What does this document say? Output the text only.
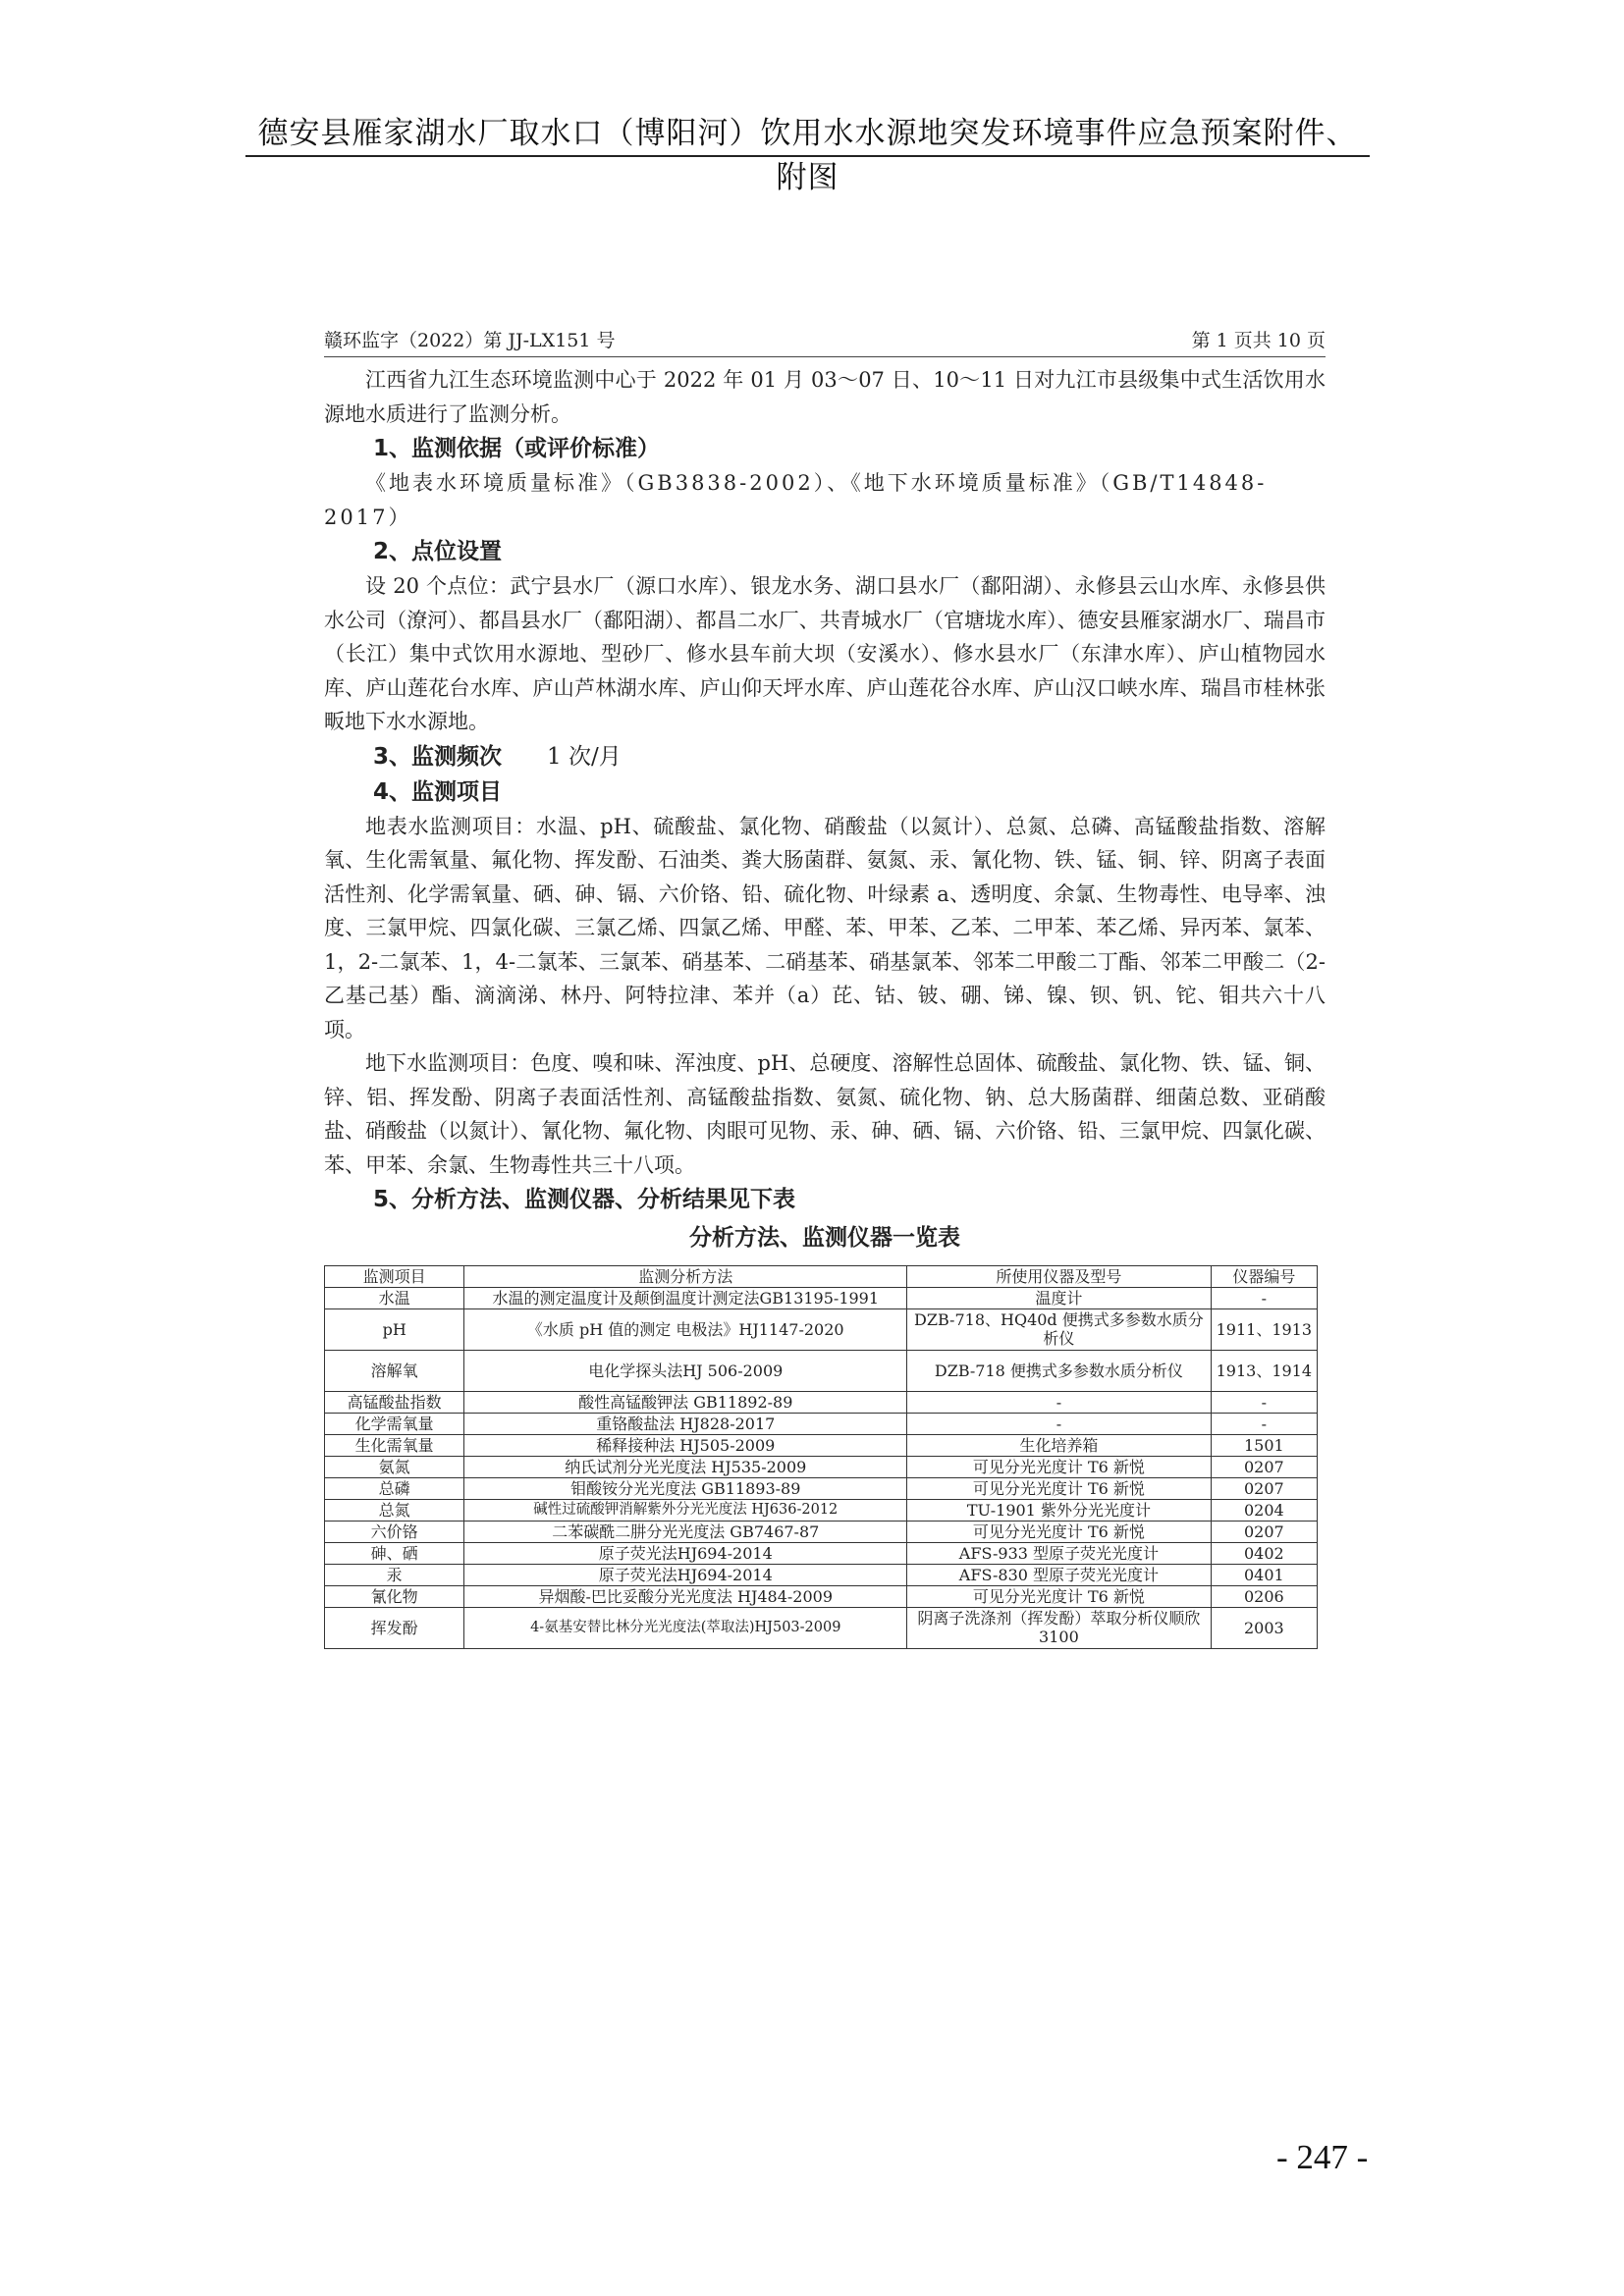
德安县雁家湖水厂取水口（博阳河）饮用水水源地突发环境事件应急预案附件、附图
赣环监字（2022）第 JJ-LX151 号	第 1 页共 10 页

江西省九江生态环境监测中心于 2022 年 01 月 03～07 日、10～11 日对九江市县级集中式生活饮用水源地水质进行了监测分析。

1、监测依据（或评价标准）

《地表水环境质量标准》（GB3838-2002）、《地下水环境质量标准》（GB/T14848-2017）

2、点位设置

设 20 个点位：武宁县水厂（源口水库）、银龙水务、湖口县水厂（鄱阳湖）、永修县云山水库、永修县供水公司（潦河）、都昌县水厂（鄱阳湖）、都昌二水厂、共青城水厂（官塘垅水库）、德安县雁家湖水厂、瑞昌市（长江）集中式饮用水源地、型砂厂、修水县车前大坝（安溪水）、修水县水厂（东津水库）、庐山植物园水库、庐山莲花台水库、庐山芦林湖水库、庐山仰天坪水库、庐山莲花谷水库、庐山汉口峡水库、瑞昌市桂林张畈地下水水源地。

3、监测频次 1 次/月

4、监测项目

地表水监测项目：水温、pH、硫酸盐、氯化物、硝酸盐（以氮计）、总氮、总磷、高锰酸盐指数、溶解氧、生化需氧量、氟化物、挥发酚、石油类、粪大肠菌群、氨氮、汞、氰化物、铁、锰、铜、锌、阴离子表面活性剂、化学需氧量、硒、砷、镉、六价铬、铅、硫化物、叶绿素 a、透明度、余氯、生物毒性、电导率、浊度、三氯甲烷、四氯化碳、三氯乙烯、四氯乙烯、甲醛、苯、甲苯、乙苯、二甲苯、苯乙烯、异丙苯、氯苯、1，2-二氯苯、1，4-二氯苯、三氯苯、硝基苯、二硝基苯、硝基氯苯、邻苯二甲酸二丁酯、邻苯二甲酸二（2-乙基己基）酯、滴滴涕、林丹、阿特拉津、苯并（a）芘、钴、铍、硼、锑、镍、钡、钒、铊、钼共六十八项。

地下水监测项目：色度、嗅和味、浑浊度、pH、总硬度、溶解性总固体、硫酸盐、氯化物、铁、锰、铜、锌、铝、挥发酚、阴离子表面活性剂、高锰酸盐指数、氨氮、硫化物、钠、总大肠菌群、细菌总数、亚硝酸盐、硝酸盐（以氮计）、氰化物、氟化物、肉眼可见物、汞、砷、硒、镉、六价铬、铅、三氯甲烷、四氯化碳、苯、甲苯、余氯、生物毒性共三十八项。

5、分析方法、监测仪器、分析结果见下表

分析方法、监测仪器一览表

监测项目	监测分析方法	所使用仪器及型号	仪器编号
水温	水温的测定温度计及颠倒温度计测定法GB13195-1991	温度计	-
pH	《水质 pH 值的测定 电极法》HJ1147-2020	DZB-718、HQ40d 便携式多参数水质分析仪	1911、1913
溶解氧	电化学探头法HJ 506-2009	DZB-718 便携式多参数水质分析仪	1913、1914
高锰酸盐指数	酸性高锰酸钾法 GB11892-89	-	-
化学需氧量	重铬酸盐法 HJ828-2017	-	-
生化需氧量	稀释接种法 HJ505-2009	生化培养箱	1501
氨氮	纳氏试剂分光光度法 HJ535-2009	可见分光光度计 T6 新悦	0207
总磷	钼酸铵分光光度法 GB11893-89	可见分光光度计 T6 新悦	0207
总氮	碱性过硫酸钾消解紫外分光光度法 HJ636-2012	TU-1901 紫外分光光度计	0204
六价铬	二苯碳酰二肼分光光度法 GB7467-87	可见分光光度计 T6 新悦	0207
砷、硒	原子荧光法HJ694-2014	AFS-933 型原子荧光光度计	0402
汞	原子荧光法HJ694-2014	AFS-830 型原子荧光光度计	0401
氰化物	异烟酸-巴比妥酸分光光度法 HJ484-2009	可见分光光度计 T6 新悦	0206
挥发酚	4-氨基安替比林分光光度法(萃取法)HJ503-2009	阴离子洗涤剂（挥发酚）萃取分析仪顺欣 3100	2003
- 247 -
